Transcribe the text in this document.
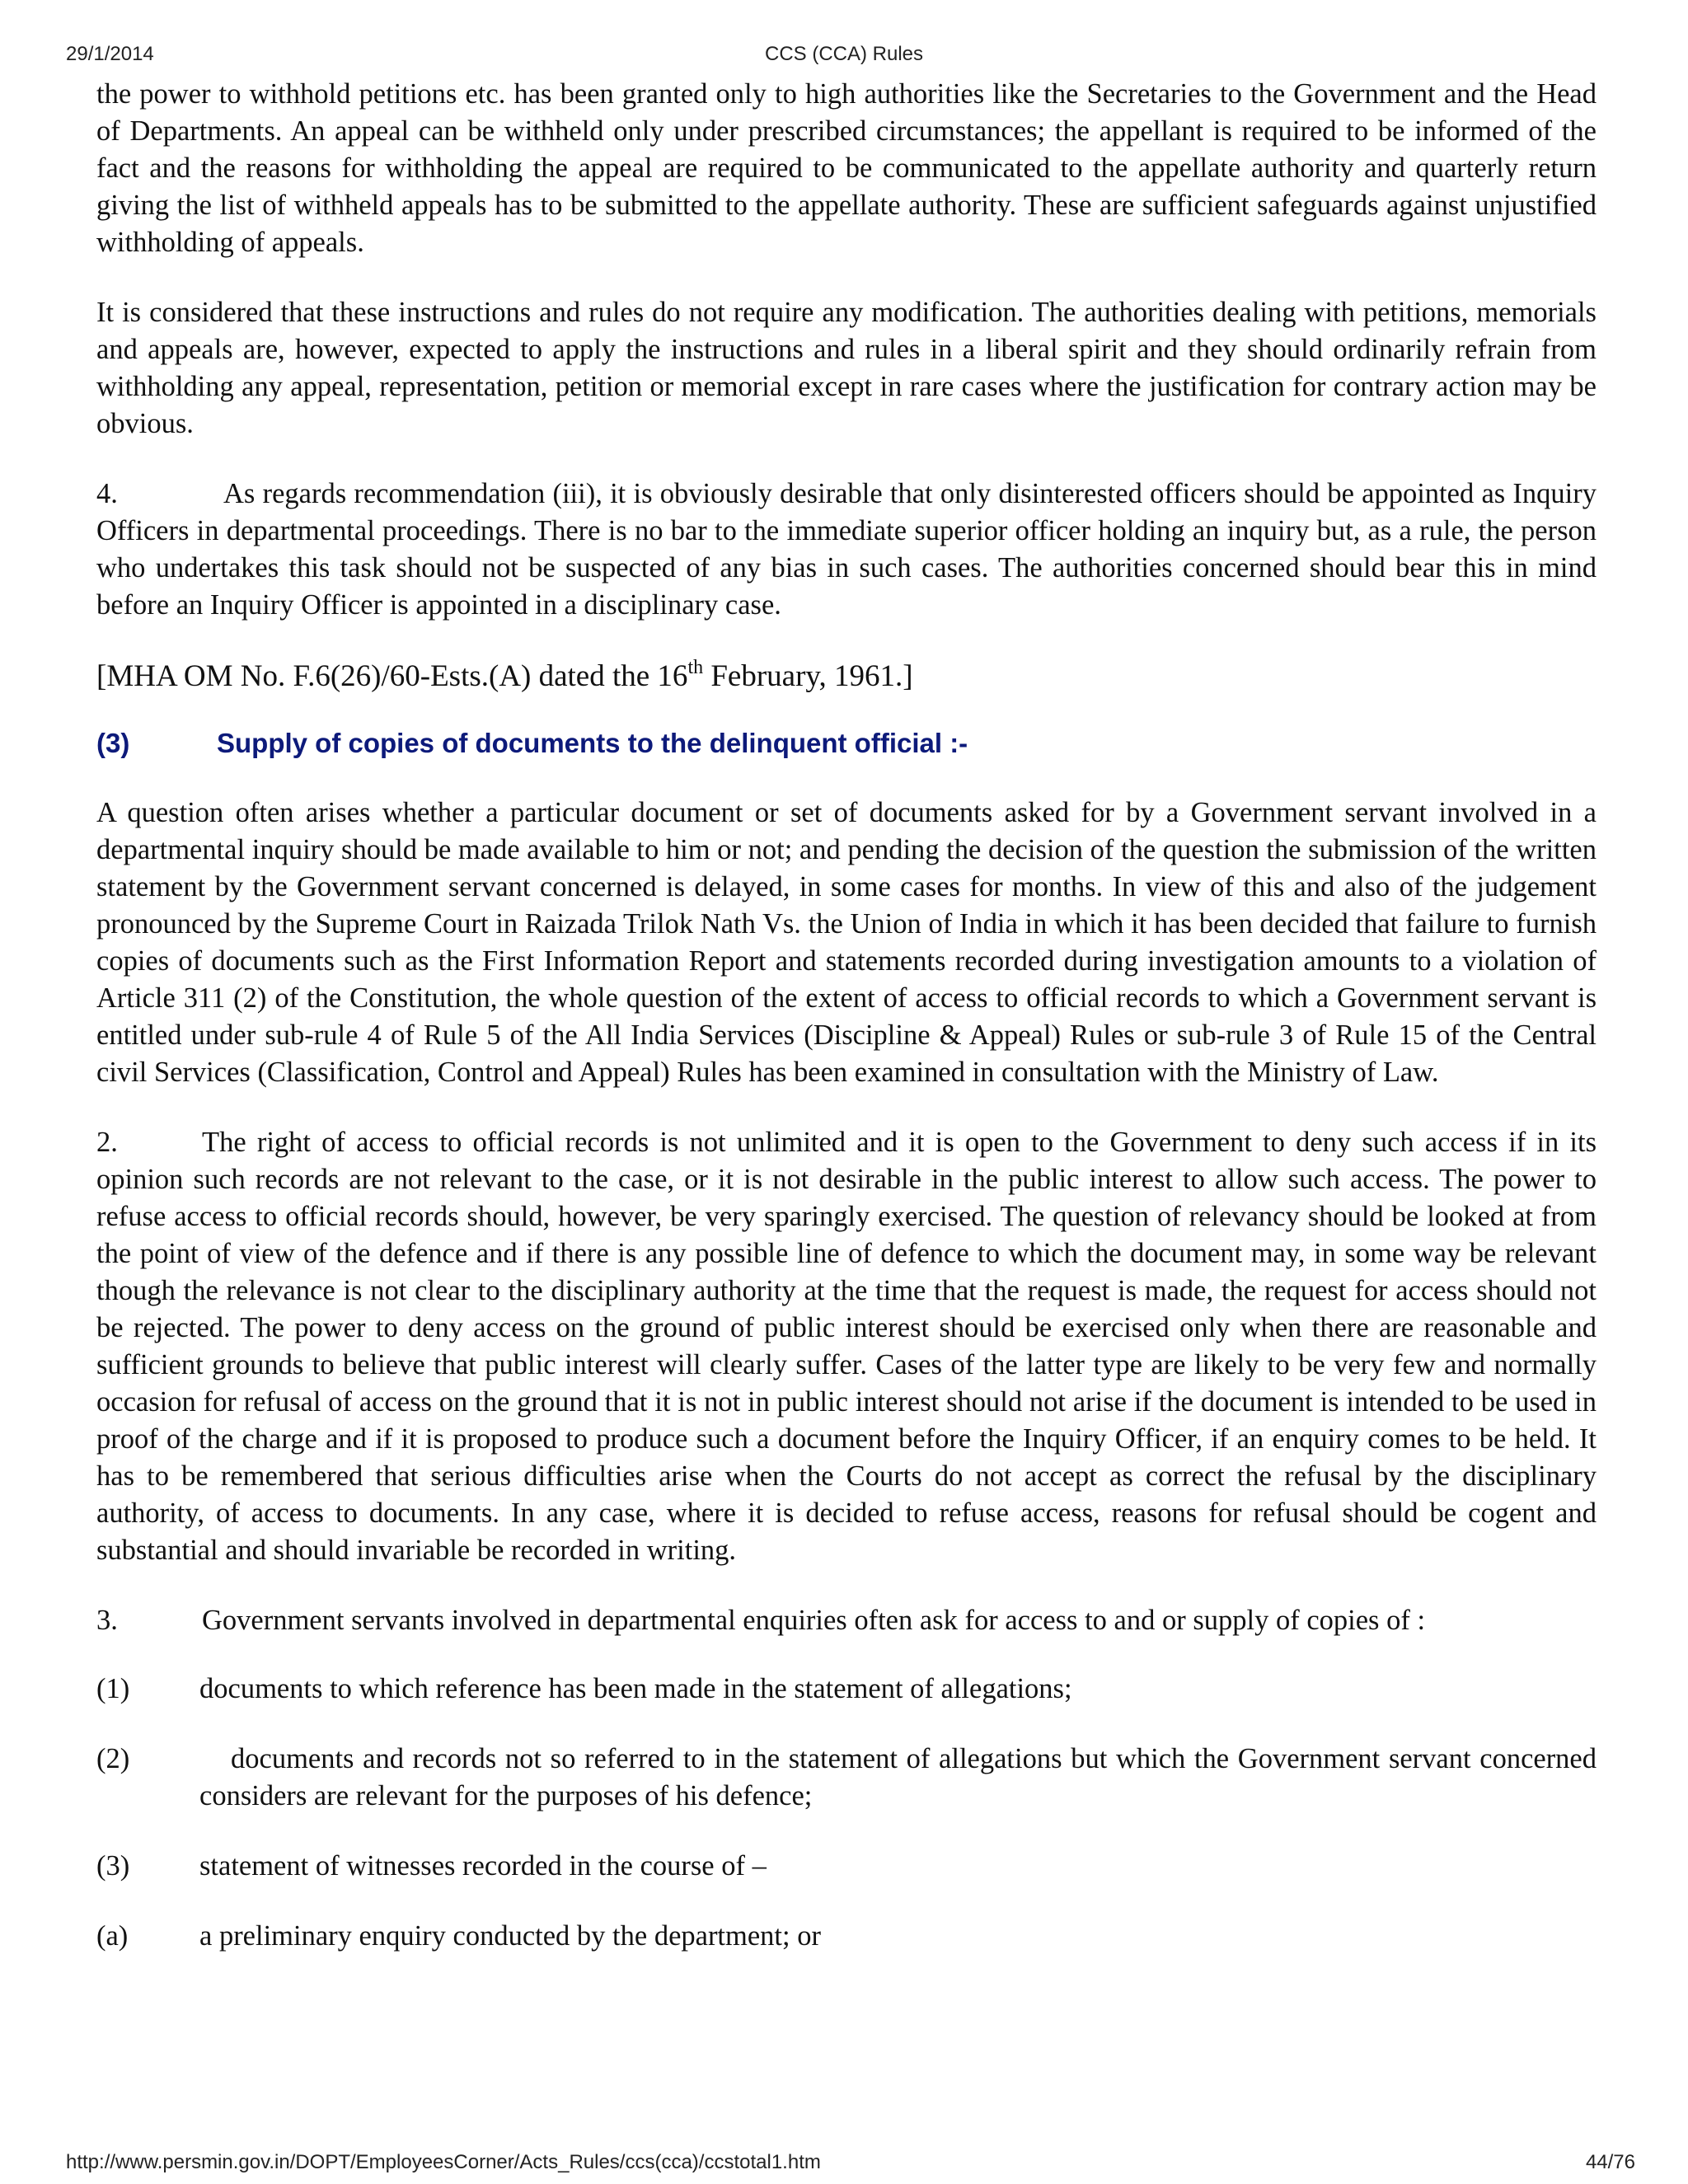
29/1/2014	CCS (CCA) Rules

the power to withhold petitions etc. has been granted only to high authorities like the Secretaries to the Government and the Head of Departments. An appeal can be withheld only under prescribed circumstances; the appellant is required to be informed of the fact and the reasons for withholding the appeal are required to be communicated to the appellate authority and quarterly return giving the list of withheld appeals has to be submitted to the appellate authority. These are sufficient safeguards against unjustified withholding of appeals.

It is considered that these instructions and rules do not require any modification. The authorities dealing with petitions, memorials and appeals are, however, expected to apply the instructions and rules in a liberal spirit and they should ordinarily refrain from withholding any appeal, representation, petition or memorial except in rare cases where the justification for contrary action may be obvious.

4.	As regards recommendation (iii), it is obviously desirable that only disinterested officers should be appointed as Inquiry Officers in departmental proceedings. There is no bar to the immediate superior officer holding an inquiry but, as a rule, the person who undertakes this task should not be suspected of any bias in such cases. The authorities concerned should bear this in mind before an Inquiry Officer is appointed in a disciplinary case.

[MHA OM No. F.6(26)/60-Ests.(A) dated the 16th February, 1961.]
(3)	Supply of copies of documents to the delinquent official :-

A question often arises whether a particular document or set of documents asked for by a Government servant involved in a departmental inquiry should be made available to him or not; and pending the decision of the question the submission of the written statement by the Government servant concerned is delayed, in some cases for months. In view of this and also of the judgement pronounced by the Supreme Court in Raizada Trilok Nath Vs. the Union of India in which it has been decided that failure to furnish copies of documents such as the First Information Report and statements recorded during investigation amounts to a violation of Article 311 (2) of the Constitution, the whole question of the extent of access to official records to which a Government servant is entitled under sub-rule 4 of Rule 5 of the All India Services (Discipline & Appeal) Rules or sub-rule 3 of Rule 15 of the Central civil Services (Classification, Control and Appeal) Rules has been examined in consultation with the Ministry of Law.

2.	The right of access to official records is not unlimited and it is open to the Government to deny such access if in its opinion such records are not relevant to the case, or it is not desirable in the public interest to allow such access. The power to refuse access to official records should, however, be very sparingly exercised. The question of relevancy should be looked at from the point of view of the defence and if there is any possible line of defence to which the document may, in some way be relevant though the relevance is not clear to the disciplinary authority at the time that the request is made, the request for access should not be rejected. The power to deny access on the ground of public interest should be exercised only when there are reasonable and sufficient grounds to believe that public interest will clearly suffer. Cases of the latter type are likely to be very few and normally occasion for refusal of access on the ground that it is not in public interest should not arise if the document is intended to be used in proof of the charge and if it is proposed to produce such a document before the Inquiry Officer, if an enquiry comes to be held. It has to be remembered that serious difficulties arise when the Courts do not accept as correct the refusal by the disciplinary authority, of access to documents. In any case, where it is decided to refuse access, reasons for refusal should be cogent and substantial and should invariable be recorded in writing.

3.	Government servants involved in departmental enquiries often ask for access to and or supply of copies of :

(1) documents to which reference has been made in the statement of allegations;
(2)	documents and records not so referred to in the statement of allegations but which the Government servant concerned considers are relevant for the purposes of his defence;
(3) statement of witnesses recorded in the course of –
(a)	a preliminary enquiry conducted by the department; or
http://www.persmin.gov.in/DOPT/EmployeesCorner/Acts_Rules/ccs(cca)/ccstotal1.htm	44/76
